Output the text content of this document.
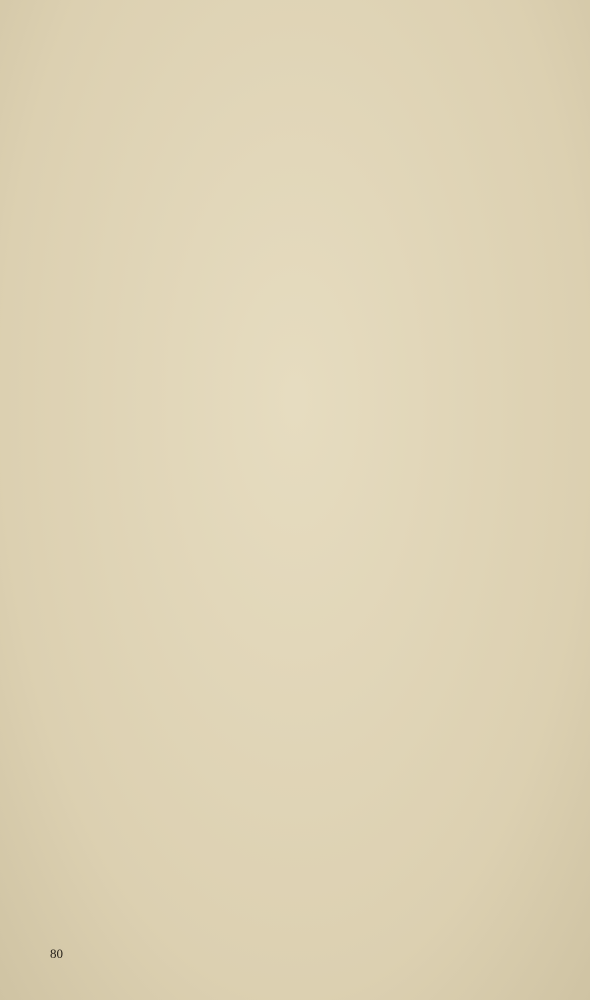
80
